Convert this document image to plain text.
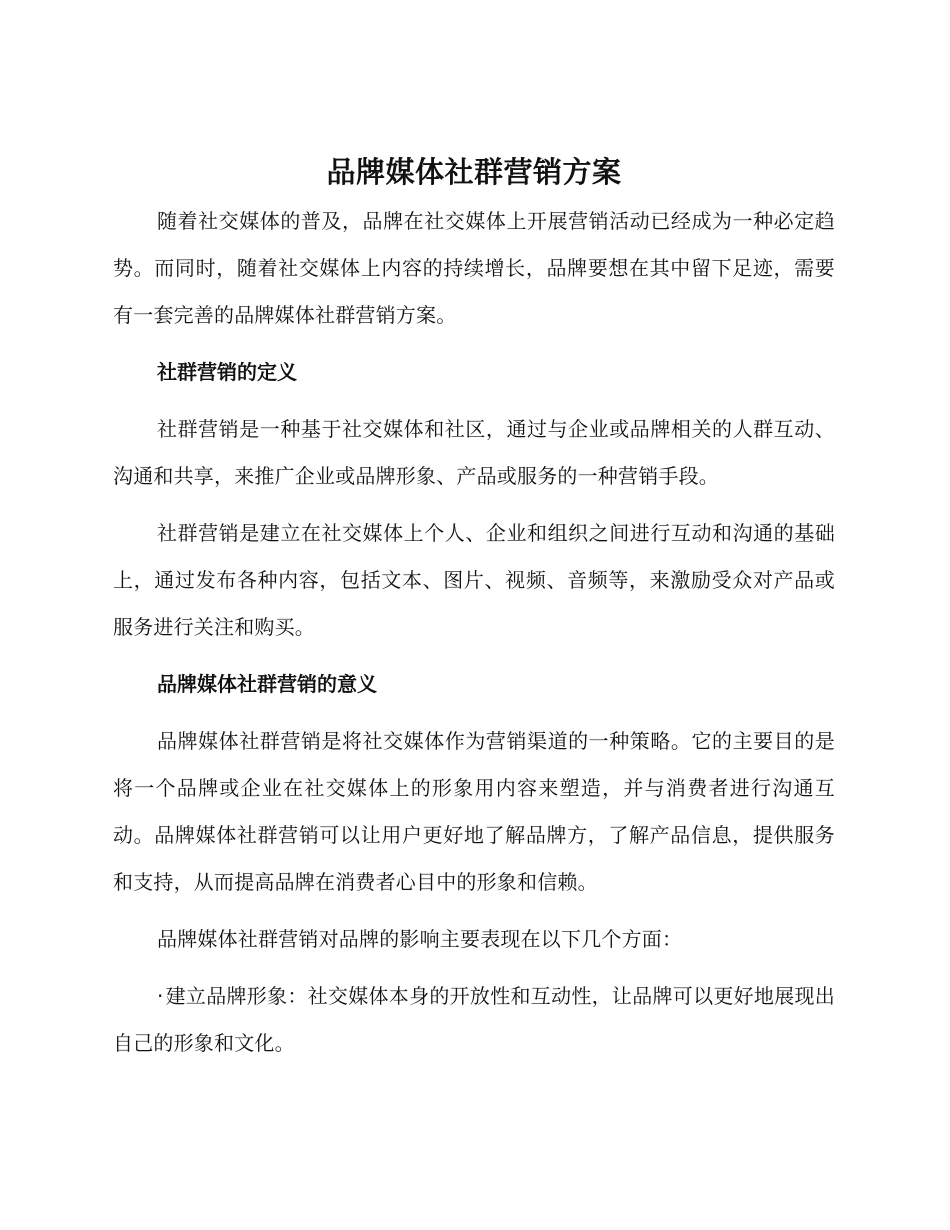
品牌媒体社群营销方案

随着社交媒体的普及，品牌在社交媒体上开展营销活动已经成为一种必定趋势。而同时，随着社交媒体上内容的持续增长，品牌要想在其中留下足迹，需要有一套完善的品牌媒体社群营销方案。

社群营销的定义

社群营销是一种基于社交媒体和社区，通过与企业或品牌相关的人群互动、沟通和共享，来推广企业或品牌形象、产品或服务的一种营销手段。

社群营销是建立在社交媒体上个人、企业和组织之间进行互动和沟通的基础上，通过发布各种内容，包括文本、图片、视频、音频等，来激励受众对产品或服务进行关注和购买。

品牌媒体社群营销的意义

品牌媒体社群营销是将社交媒体作为营销渠道的一种策略。它的主要目的是将一个品牌或企业在社交媒体上的形象用内容来塑造，并与消费者进行沟通互动。品牌媒体社群营销可以让用户更好地了解品牌方，了解产品信息，提供服务和支持，从而提高品牌在消费者心目中的形象和信赖。

品牌媒体社群营销对品牌的影响主要表现在以下几个方面：

· 建立品牌形象：社交媒体本身的开放性和互动性，让品牌可以更好地展现出自己的形象和文化。
